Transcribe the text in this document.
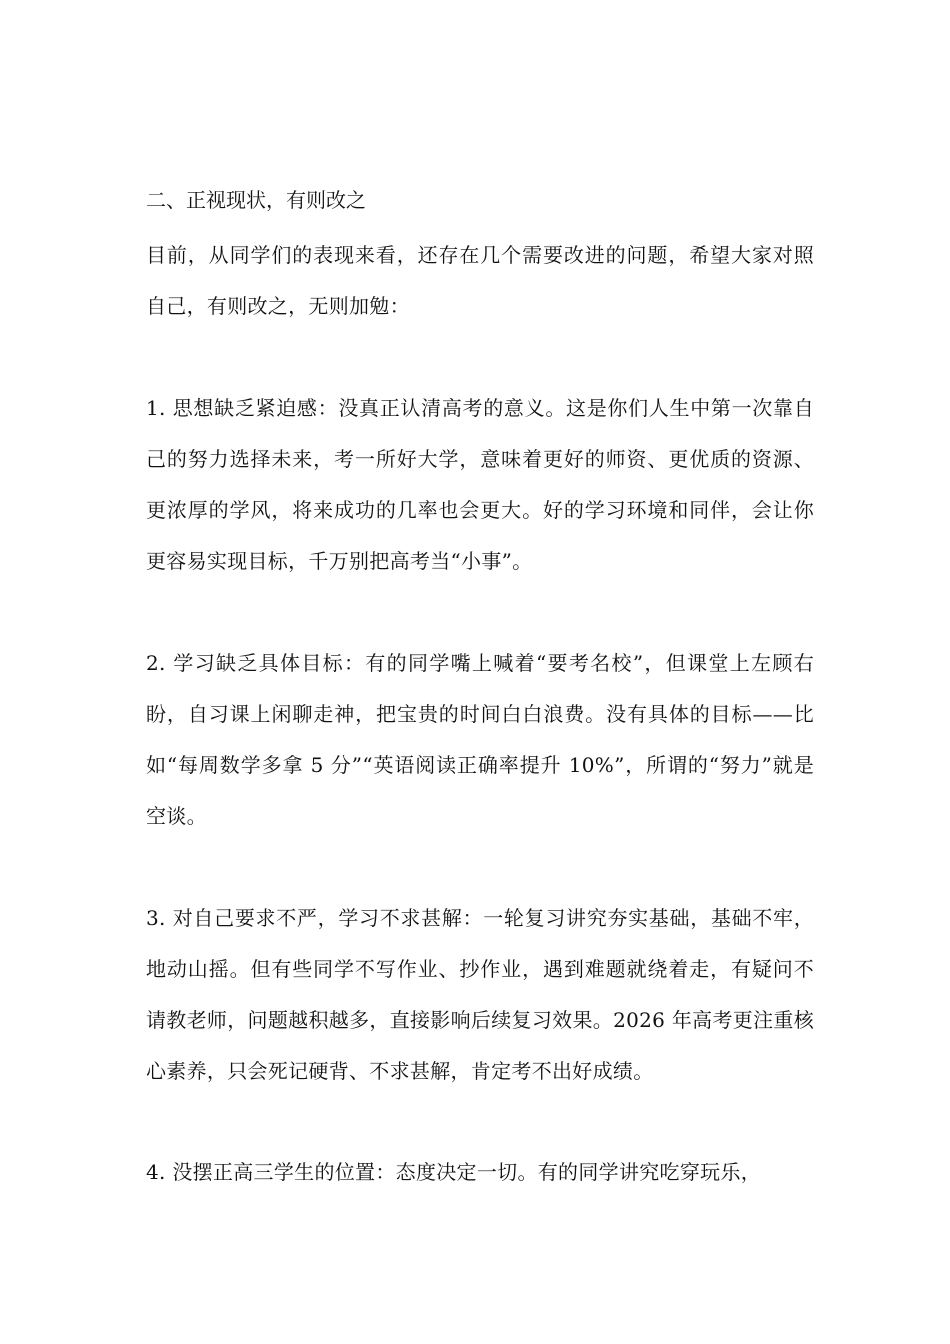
二、正视现状，有则改之

目前，从同学们的表现来看，还存在几个需要改进的问题，希望大家对照自己，有则改之，无则加勉：

1. 思想缺乏紧迫感：没真正认清高考的意义。这是你们人生中第一次靠自己的努力选择未来，考一所好大学，意味着更好的师资、更优质的资源、更浓厚的学风，将来成功的几率也会更大。好的学习环境和同伴，会让你更容易实现目标，千万别把高考当“小事”。

2. 学习缺乏具体目标：有的同学嘴上喊着“要考名校”，但课堂上左顾右盼，自习课上闲聊走神，把宝贵的时间白白浪费。没有具体的目标——比如“每周数学多拿 5 分”“英语阅读正确率提升 10%”，所谓的“努力”就是空谈。

3. 对自己要求不严，学习不求甚解：一轮复习讲究夯实基础，基础不牢，地动山摇。但有些同学不写作业、抄作业，遇到难题就绕着走，有疑问不请教老师，问题越积越多，直接影响后续复习效果。2026 年高考更注重核心素养，只会死记硬背、不求甚解，肯定考不出好成绩。

4. 没摆正高三学生的位置：态度决定一切。有的同学讲究吃穿玩乐，
